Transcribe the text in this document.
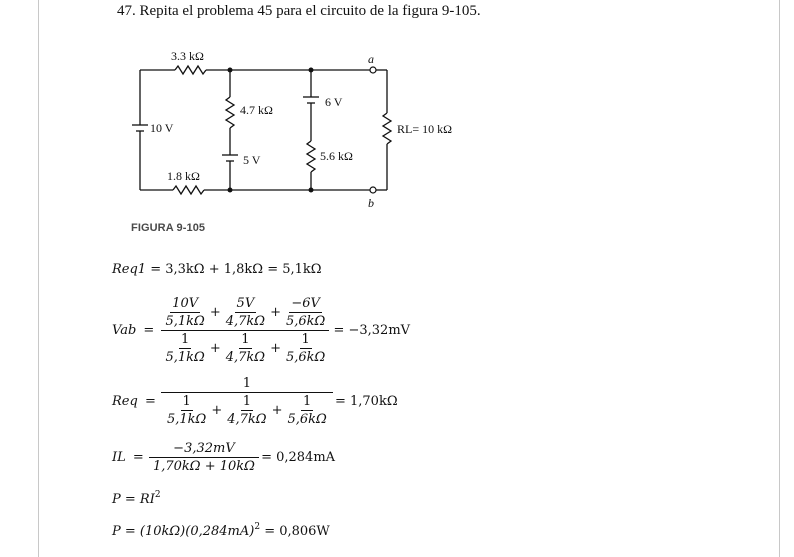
47. Repita el problema 45 para el circuito de la figura 9-105.
3.3 kΩ
4.7 kΩ
5.6 kΩ
1.8 kΩ
10 V
5 V
6 V
RL= 10 kΩ
a
b
FIGURA 9-105
Req1 = 3,3kΩ + 1,8kΩ = 5,1kΩ
Vab = $\frac{\frac{10V}{5,1k\Omega} + \frac{5V}{4,7k\Omega} + \frac{-6V}{5,6k\Omega}}{\frac{1}{5,1k\Omega} + \frac{1}{4,7k\Omega} + \frac{1}{5,6k\Omega}} = -3,32mV$
Req = $\frac{1}{\frac{1}{5,1k\Omega} + \frac{1}{4,7k\Omega} + \frac{1}{5,6k\Omega}} = 1,70k\Omega$
IL = $\frac{-3,32mV}{1,70k\Omega + 10k\Omega} = 0,284mA$
$P = RI^2$
$P = (10k\Omega)(0,284mA)^2 = 0,806W$
